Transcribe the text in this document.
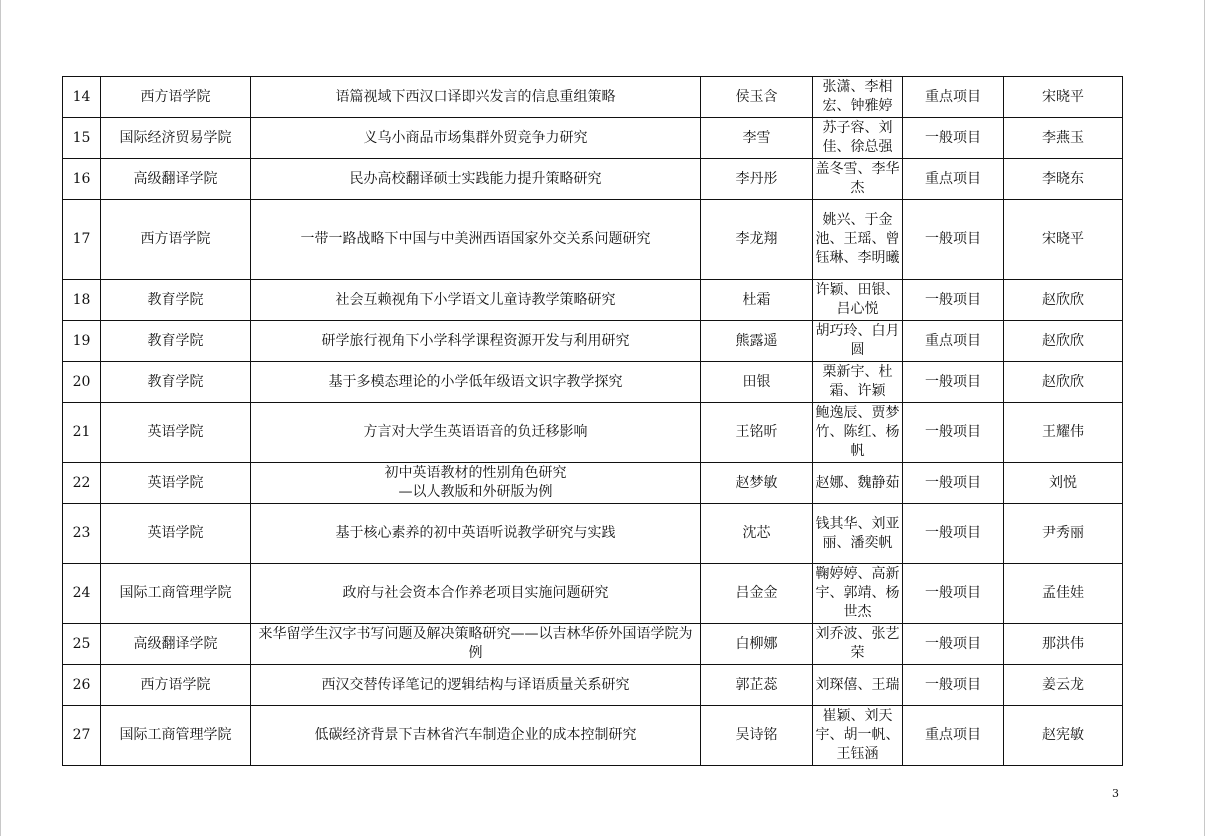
14	西方语学院	语篇视域下西汉口译即兴发言的信息重组策略	侯玉含	张潇、李相宏、钟雅婷	重点项目	宋晓平
15	国际经济贸易学院	义乌小商品市场集群外贸竞争力研究	李雪	苏子容、刘佳、徐总强	一般项目	李燕玉
16	高级翻译学院	民办高校翻译硕士实践能力提升策略研究	李丹彤	盖冬雪、李华杰	重点项目	李晓东
17	西方语学院	一带一路战略下中国与中美洲西语国家外交关系问题研究	李龙翔	姚兴、于金池、王瑶、曾钰琳、李明曦	一般项目	宋晓平
18	教育学院	社会互赖视角下小学语文儿童诗教学策略研究	杜霜	许颖、田银、吕心悦	一般项目	赵欣欣
19	教育学院	研学旅行视角下小学科学课程资源开发与利用研究	熊露遥	胡巧玲、白月圆	重点项目	赵欣欣
20	教育学院	基于多模态理论的小学低年级语文识字教学探究	田银	栗新宇、杜霜、许颖	一般项目	赵欣欣
21	英语学院	方言对大学生英语语音的负迁移影响	王铭昕	鲍逸辰、贾梦竹、陈红、杨帆	一般项目	王耀伟
22	英语学院	初中英语教材的性别角色研究
—以人教版和外研版为例	赵梦敏	赵娜、魏静茹	一般项目	刘悦
23	英语学院	基于核心素养的初中英语听说教学研究与实践	沈芯	钱其华、刘亚丽、潘奕帆	一般项目	尹秀丽
24	国际工商管理学院	政府与社会资本合作养老项目实施问题研究	吕金金	鞠婷婷、高新宇、郭靖、杨世杰	一般项目	孟佳娃
25	高级翻译学院	来华留学生汉字书写问题及解决策略研究——以吉林华侨外国语学院为例	白柳娜	刘乔波、张艺荣	一般项目	那洪伟
26	西方语学院	西汉交替传译笔记的逻辑结构与译语质量关系研究	郭芷蕊	刘琛僖、王瑞	一般项目	姜云龙
27	国际工商管理学院	低碳经济背景下吉林省汽车制造企业的成本控制研究	吴诗铭	崔颖、刘天宇、胡一帆、王钰涵	重点项目	赵宪敏
3
